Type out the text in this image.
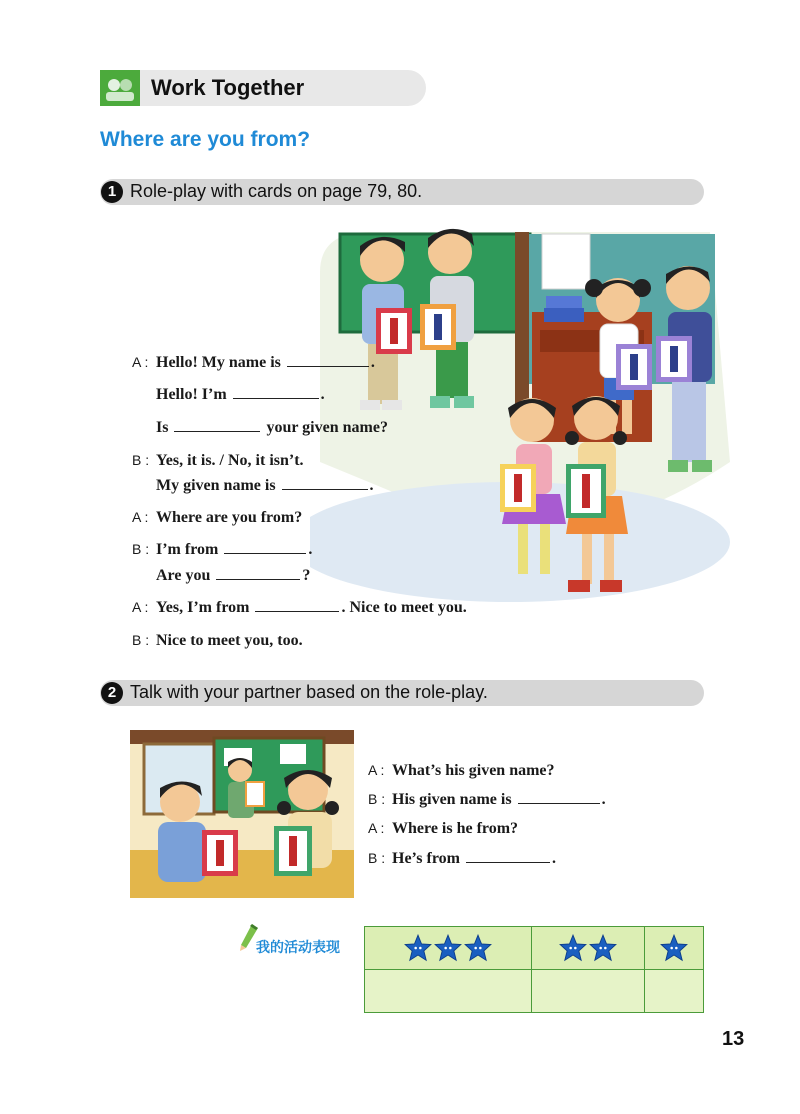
Work Together
Where are you from?
1 Role-play with cards on page 79, 80.
A : Hello! My name is	.
Hello! I’m	.
Is	your given name?
B : Yes, it is. / No, it isn’t.
My given name is	.
A : Where are you from?
B : I’m from	.
Are you	?
A : Yes, I’m from	. Nice to meet you.
B : Nice to meet you, too.
2 Talk with your partner based on the role-play.
A : What’s his given name?
B : His given name is	.
A : Where is he from?
B : He’s from	.
我的活动表现

13
